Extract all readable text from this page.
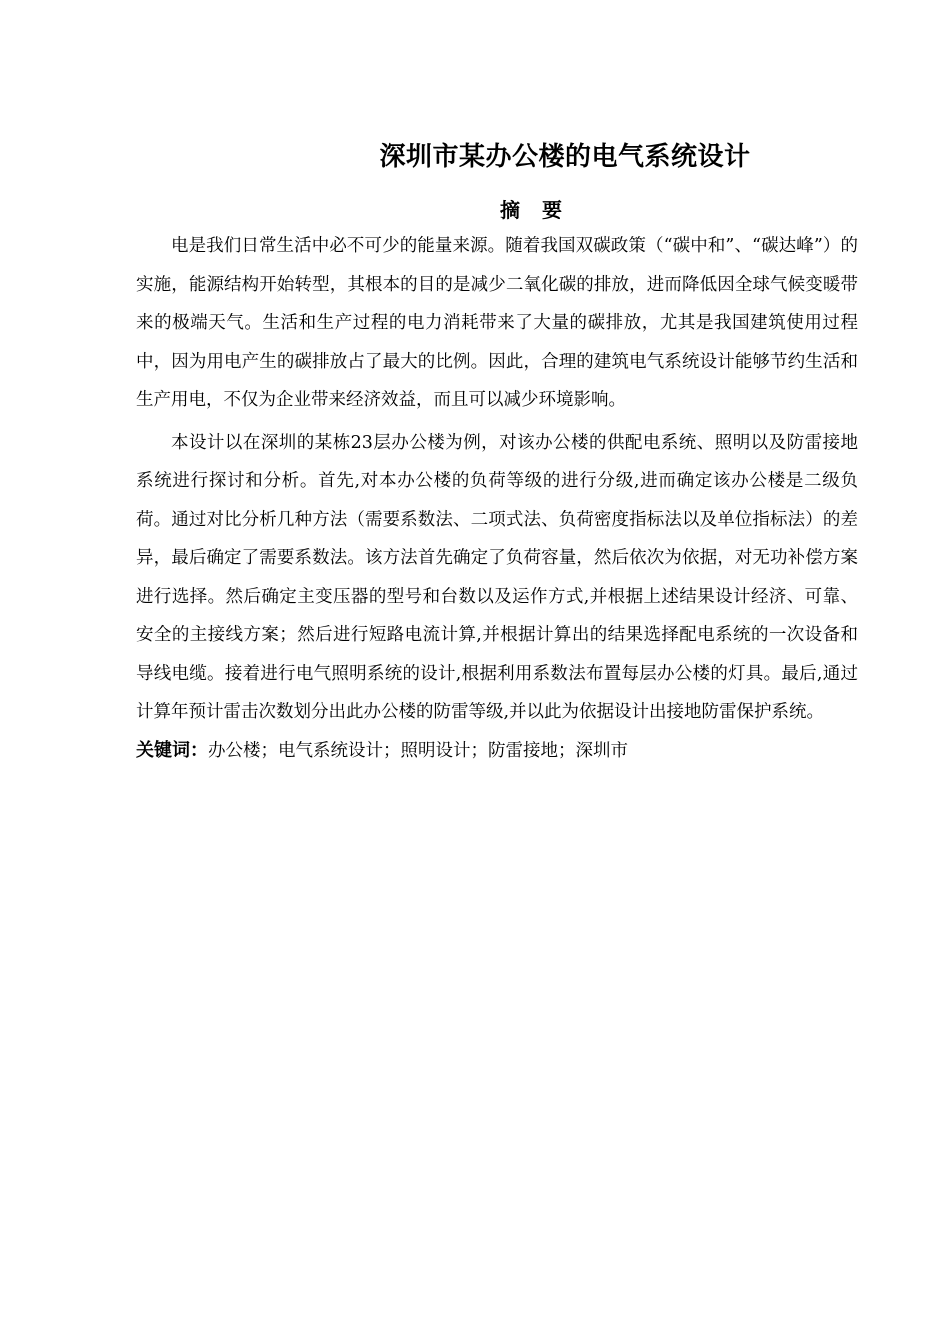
深圳市某办公楼的电气系统设计
摘要

电是我们日常生活中必不可少的能量来源。随着我国双碳政策（“碳中和”、“碳达峰”）的实施，能源结构开始转型，其根本的目的是减少二氧化碳的排放，进而降低因全球气候变暖带来的极端天气。生活和生产过程的电力消耗带来了大量的碳排放，尤其是我国建筑使用过程中，因为用电产生的碳排放占了最大的比例。因此，合理的建筑电气系统设计能够节约生活和生产用电，不仅为企业带来经济效益，而且可以减少环境影响。

本设计以在深圳的某栋23层办公楼为例，对该办公楼的供配电系统、照明以及防雷接地系统进行探讨和分析。首先,对本办公楼的负荷等级的进行分级,进而确定该办公楼是二级负荷。通过对比分析几种方法（需要系数法、二项式法、负荷密度指标法以及单位指标法）的差异，最后确定了需要系数法。该方法首先确定了负荷容量，然后依次为依据，对无功补偿方案进行选择。然后确定主变压器的型号和台数以及运作方式,并根据上述结果设计经济、可靠、安全的主接线方案；然后进行短路电流计算,并根据计算出的结果选择配电系统的一次设备和导线电缆。接着进行电气照明系统的设计,根据利用系数法布置每层办公楼的灯具。最后,通过计算年预计雷击次数划分出此办公楼的防雷等级,并以此为依据设计出接地防雷保护系统。

关键词：办公楼；电气系统设计；照明设计；防雷接地；深圳市
